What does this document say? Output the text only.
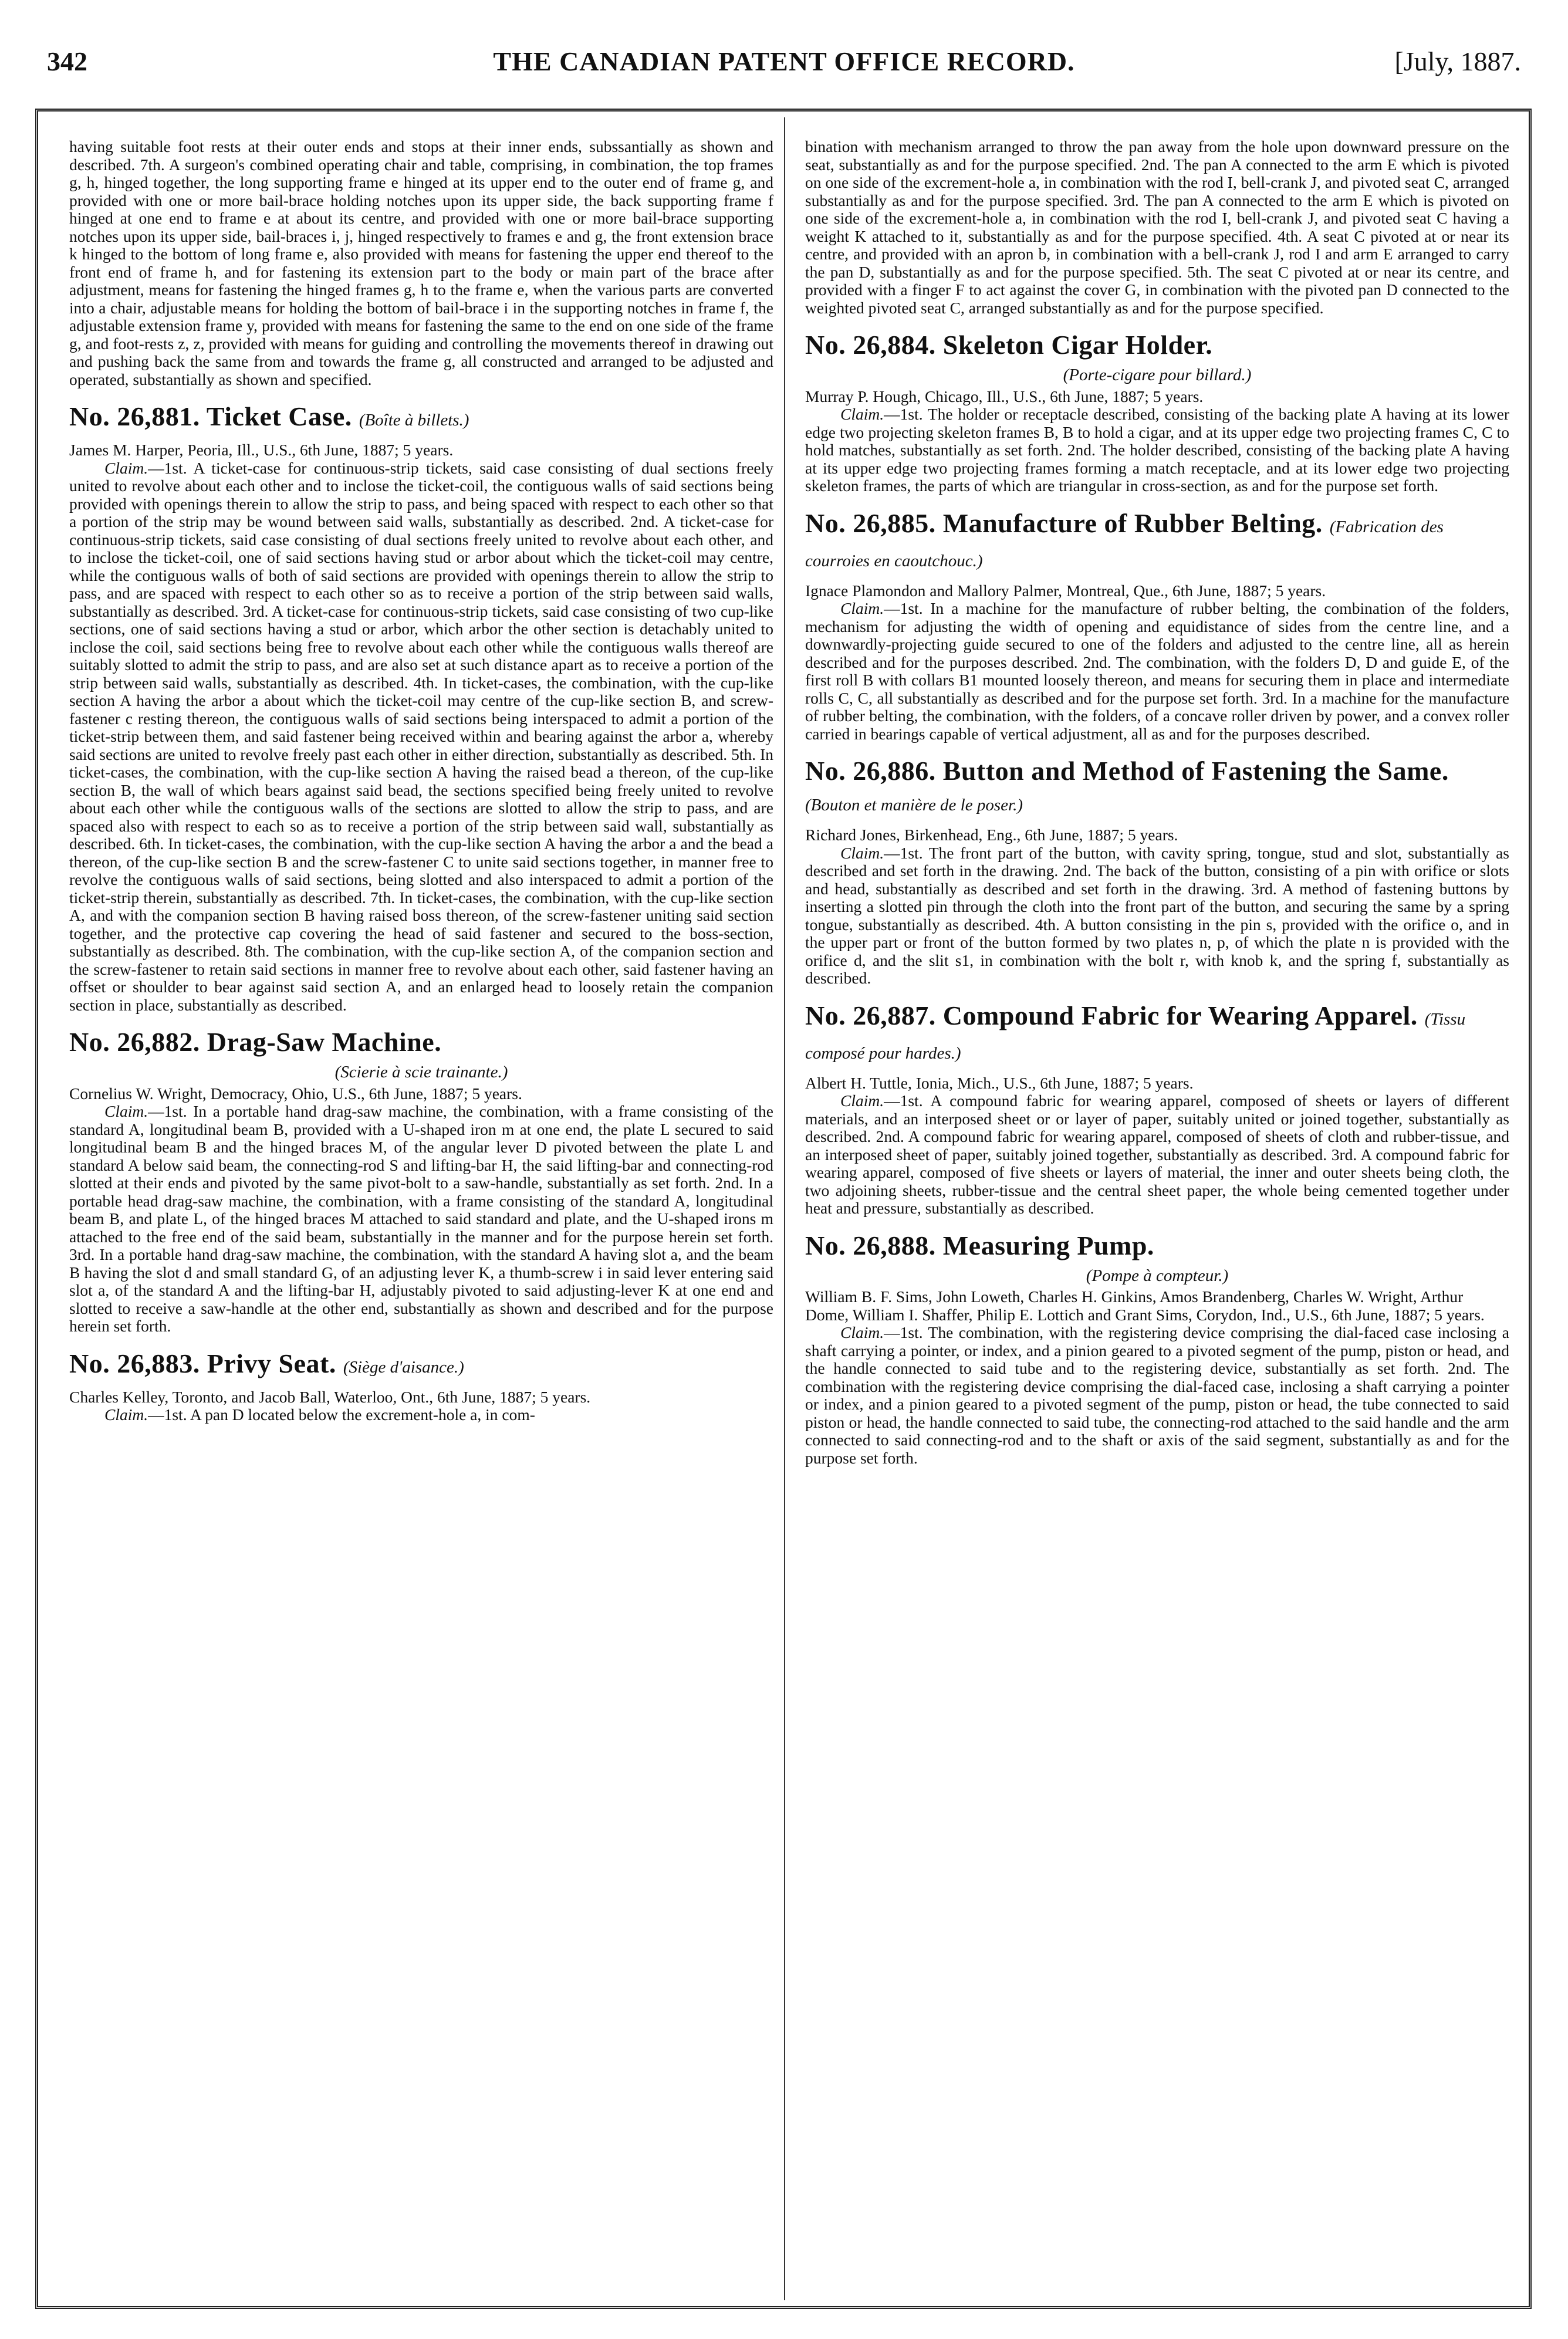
342	THE CANADIAN PATENT OFFICE RECORD.	[July, 1887.

having suitable foot rests at their outer ends and stops at their inner ends, subssantially as shown and described. 7th. A surgeon's combined operating chair and table, comprising, in combination, the top frames g, h, hinged together, the long supporting frame e hinged at its upper end to the outer end of frame g, and provided with one or more bail-brace holding notches upon its upper side, the back supporting frame f hinged at one end to frame e at about its centre, and provided with one or more bail-brace supporting notches upon its upper side, bail-braces i, j, hinged respectively to frames e and g, the front extension brace k hinged to the bottom of long frame e, also provided with means for fastening the upper end thereof to the front end of frame h, and for fastening its extension part to the body or main part of the brace after adjustment, means for fastening the hinged frames g, h to the frame e, when the various parts are converted into a chair, adjustable means for holding the bottom of bail-brace i in the supporting notches in frame f, the adjustable extension frame y, provided with means for fastening the same to the end on one side of the frame g, and foot-rests z, z, provided with means for guiding and controlling the movements thereof in drawing out and pushing back the same from and towards the frame g, all constructed and arranged to be adjusted and operated, substantially as shown and specified.

No. 26,881. Ticket Case. (Boîte à billets.)

James M. Harper, Peoria, Ill., U.S., 6th June, 1887; 5 years.

Claim.—1st. A ticket-case for continuous-strip tickets, said case consisting of dual sections freely united to revolve about each other and to inclose the ticket-coil, the contiguous walls of said sections being provided with openings therein to allow the strip to pass, and being spaced with respect to each other so that a portion of the strip may be wound between said walls, substantially as described. 2nd. A ticket-case for continuous-strip tickets, said case consisting of dual sections freely united to revolve about each other, and to inclose the ticket-coil, one of said sections having stud or arbor about which the ticket-coil may centre, while the contiguous walls of both of said sections are provided with openings therein to allow the strip to pass, and are spaced with respect to each other so as to receive a portion of the strip between said walls, substantially as described. 3rd. A ticket-case for continuous-strip tickets, said case consisting of two cup-like sections, one of said sections having a stud or arbor, which arbor the other section is detachably united to inclose the coil, said sections being free to revolve about each other while the contiguous walls thereof are suitably slotted to admit the strip to pass, and are also set at such distance apart as to receive a portion of the strip between said walls, substantially as described. 4th. In ticket-cases, the combination, with the cup-like section A having the arbor a about which the ticket-coil may centre of the cup-like section B, and screw-fastener c resting thereon, the contiguous walls of said sections being interspaced to admit a portion of the ticket-strip between them, and said fastener being received within and bearing against the arbor a, whereby said sections are united to revolve freely past each other in either direction, substantially as described. 5th. In ticket-cases, the combination, with the cup-like section A having the raised bead a thereon, of the cup-like section B, the wall of which bears against said bead, the sections specified being freely united to revolve about each other while the contiguous walls of the sections are slotted to allow the strip to pass, and are spaced also with respect to each so as to receive a portion of the strip between said wall, substantially as described. 6th. In ticket-cases, the combination, with the cup-like section A having the arbor a and the bead a thereon, of the cup-like section B and the screw-fastener C to unite said sections together, in manner free to revolve the contiguous walls of said sections, being slotted and also interspaced to admit a portion of the ticket-strip therein, substantially as described. 7th. In ticket-cases, the combination, with the cup-like section A, and with the companion section B having raised boss thereon, of the screw-fastener uniting said section together, and the protective cap covering the head of said fastener and secured to the boss-section, substantially as described. 8th. The combination, with the cup-like section A, of the companion section and the screw-fastener to retain said sections in manner free to revolve about each other, said fastener having an offset or shoulder to bear against said section A, and an enlarged head to loosely retain the companion section in place, substantially as described.

No. 26,882. Drag-Saw Machine.
(Scierie à scie trainante.)

Cornelius W. Wright, Democracy, Ohio, U.S., 6th June, 1887; 5 years.

Claim.—1st. In a portable hand drag-saw machine, the combination, with a frame consisting of the standard A, longitudinal beam B, provided with a U-shaped iron m at one end, the plate L secured to said longitudinal beam B and the hinged braces M, of the angular lever D pivoted between the plate L and standard A below said beam, the connecting-rod S and lifting-bar H, the said lifting-bar and connecting-rod slotted at their ends and pivoted by the same pivot-bolt to a saw-handle, substantially as set forth. 2nd. In a portable head drag-saw machine, the combination, with a frame consisting of the standard A, longitudinal beam B, and plate L, of the hinged braces M attached to said standard and plate, and the U-shaped irons m attached to the free end of the said beam, substantially in the manner and for the purpose herein set forth. 3rd. In a portable hand drag-saw machine, the combination, with the standard A having slot a, and the beam B having the slot d and small standard G, of an adjusting lever K, a thumb-screw i in said lever entering said slot a, of the standard A and the lifting-bar H, adjustably pivoted to said adjusting-lever K at one end and slotted to receive a saw-handle at the other end, substantially as shown and described and for the purpose herein set forth.

No. 26,883. Privy Seat. (Siège d'aisance.)

Charles Kelley, Toronto, and Jacob Ball, Waterloo, Ont., 6th June, 1887; 5 years.

Claim.—1st. A pan D located below the excrement-hole a, in com-

bination with mechanism arranged to throw the pan away from the hole upon downward pressure on the seat, substantially as and for the purpose specified. 2nd. The pan A connected to the arm E which is pivoted on one side of the excrement-hole a, in combination with the rod I, bell-crank J, and pivoted seat C, arranged substantially as and for the purpose specified. 3rd. The pan A connected to the arm E which is pivoted on one side of the excrement-hole a, in combination with the rod I, bell-crank J, and pivoted seat C having a weight K attached to it, substantially as and for the purpose specified. 4th. A seat C pivoted at or near its centre, and provided with an apron b, in combination with a bell-crank J, rod I and arm E arranged to carry the pan D, substantially as and for the purpose specified. 5th. The seat C pivoted at or near its centre, and provided with a finger F to act against the cover G, in combination with the pivoted pan D connected to the weighted pivoted seat C, arranged substantially as and for the purpose specified.

No. 26,884. Skeleton Cigar Holder.
(Porte-cigare pour billard.)

Murray P. Hough, Chicago, Ill., U.S., 6th June, 1887; 5 years.

Claim.—1st. The holder or receptacle described, consisting of the backing plate A having at its lower edge two projecting skeleton frames B, B to hold a cigar, and at its upper edge two projecting frames C, C to hold matches, substantially as set forth. 2nd. The holder described, consisting of the backing plate A having at its upper edge two projecting frames forming a match receptacle, and at its lower edge two projecting skeleton frames, the parts of which are triangular in cross-section, as and for the purpose set forth.

No. 26,885. Manufacture of Rubber Belting. (Fabrication des courroies en caoutchouc.)

Ignace Plamondon and Mallory Palmer, Montreal, Que., 6th June, 1887; 5 years.

Claim.—1st. In a machine for the manufacture of rubber belting, the combination of the folders, mechanism for adjusting the width of opening and equidistance of sides from the centre line, and a downwardly-projecting guide secured to one of the folders and adjusted to the centre line, all as herein described and for the purposes described. 2nd. The combination, with the folders D, D and guide E, of the first roll B with collars B1 mounted loosely thereon, and means for securing them in place and intermediate rolls C, C, all substantially as described and for the purpose set forth. 3rd. In a machine for the manufacture of rubber belting, the combination, with the folders, of a concave roller driven by power, and a convex roller carried in bearings capable of vertical adjustment, all as and for the purposes described.

No. 26,886. Button and Method of Fastening the Same. (Bouton et manière de le poser.)

Richard Jones, Birkenhead, Eng., 6th June, 1887; 5 years.

Claim.—1st. The front part of the button, with cavity spring, tongue, stud and slot, substantially as described and set forth in the drawing. 2nd. The back of the button, consisting of a pin with orifice or slots and head, substantially as described and set forth in the drawing. 3rd. A method of fastening buttons by inserting a slotted pin through the cloth into the front part of the button, and securing the same by a spring tongue, substantially as described. 4th. A button consisting in the pin s, provided with the orifice o, and in the upper part or front of the button formed by two plates n, p, of which the plate n is provided with the orifice d, and the slit s1, in combination with the bolt r, with knob k, and the spring f, substantially as described.

No. 26,887. Compound Fabric for Wearing Apparel. (Tissu composé pour hardes.)

Albert H. Tuttle, Ionia, Mich., U.S., 6th June, 1887; 5 years.

Claim.—1st. A compound fabric for wearing apparel, composed of sheets or layers of different materials, and an interposed sheet or or layer of paper, suitably united or joined together, substantially as described. 2nd. A compound fabric for wearing apparel, composed of sheets of cloth and rubber-tissue, and an interposed sheet of paper, suitably joined together, substantially as described. 3rd. A compound fabric for wearing apparel, composed of five sheets or layers of material, the inner and outer sheets being cloth, the two adjoining sheets, rubber-tissue and the central sheet paper, the whole being cemented together under heat and pressure, substantially as described.

No. 26,888. Measuring Pump.
(Pompe à compteur.)

William B. F. Sims, John Loweth, Charles H. Ginkins, Amos Brandenberg, Charles W. Wright, Arthur Dome, William I. Shaffer, Philip E. Lottich and Grant Sims, Corydon, Ind., U.S., 6th June, 1887; 5 years.

Claim.—1st. The combination, with the registering device comprising the dial-faced case inclosing a shaft carrying a pointer, or index, and a pinion geared to a pivoted segment of the pump, piston or head, and the handle connected to said tube and to the registering device, substantially as set forth. 2nd. The combination with the registering device comprising the dial-faced case, inclosing a shaft carrying a pointer or index, and a pinion geared to a pivoted segment of the pump, piston or head, the tube connected to said piston or head, the handle connected to said tube, the connecting-rod attached to the said handle and the arm connected to said connecting-rod and to the shaft or axis of the said segment, substantially as and for the purpose set forth.
